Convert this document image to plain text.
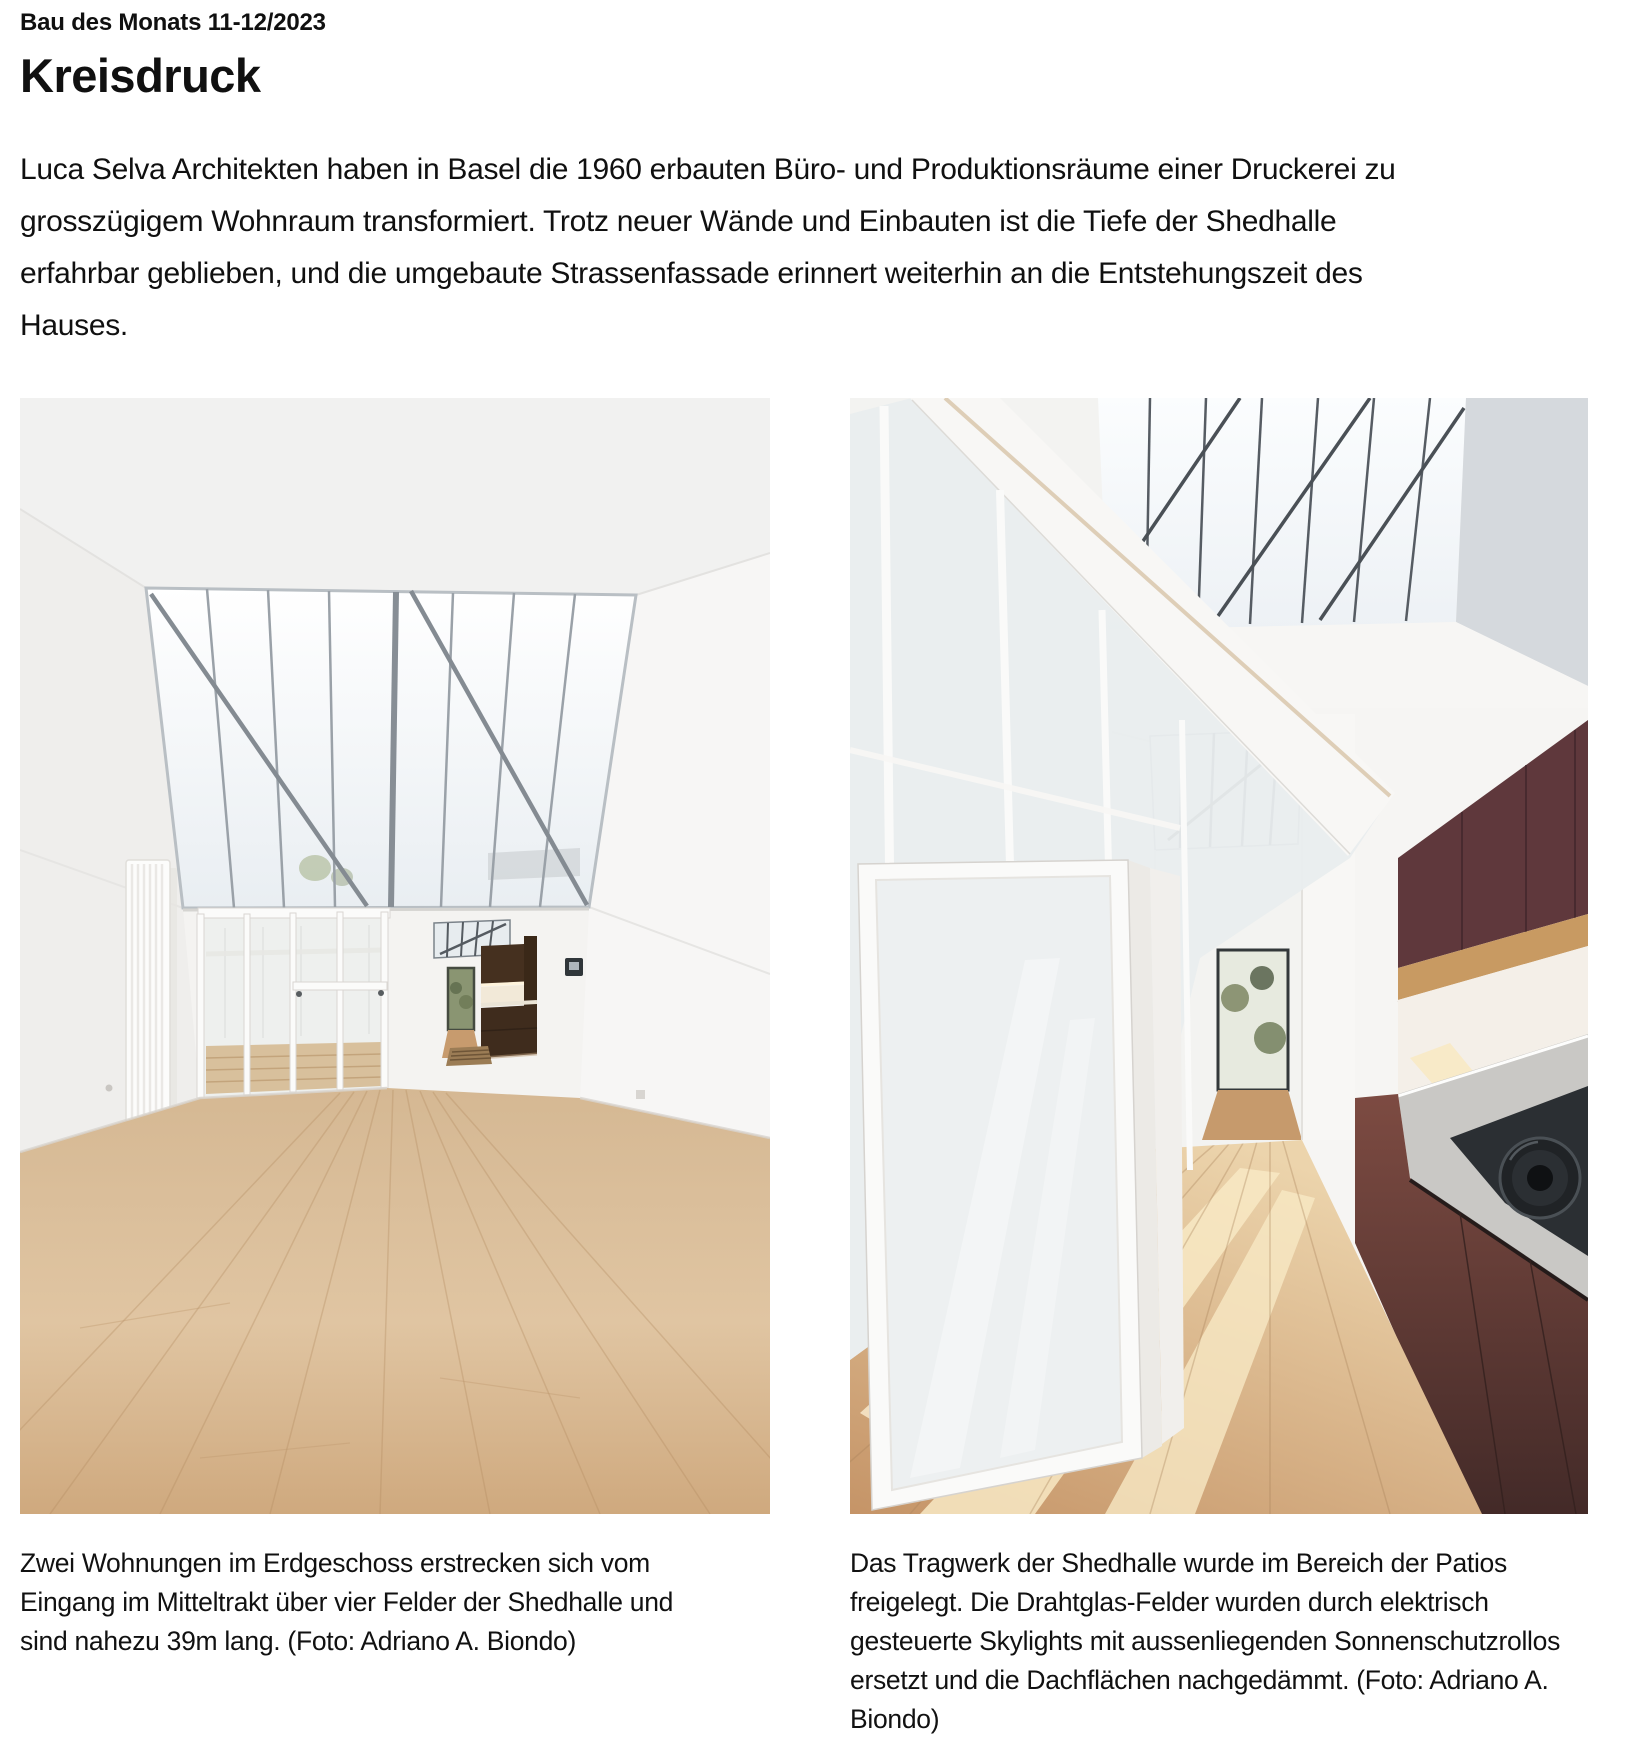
Bau des Monats 11-12/2023
Kreisdruck

Luca Selva Architekten haben in Basel die 1960 erbauten Büro- und Produktionsräume einer Druckerei zu grosszügigem Wohnraum transformiert. Trotz neuer Wände und Einbauten ist die Tiefe der Shedhalle erfahrbar geblieben, und die umgebaute Strassenfassade erinnert weiterhin an die Entstehungszeit des Hauses.

Zwei Wohnungen im Erdgeschoss erstrecken sich vom Eingang im Mitteltrakt über vier Felder der Shedhalle und sind nahezu 39m lang. (Foto: Adriano A. Biondo)
Das Tragwerk der Shedhalle wurde im Bereich der Patios freigelegt. Die Drahtglas-Felder wurden durch elektrisch gesteuerte Skylights mit aussenliegenden Sonnenschutzrollos ersetzt und die Dachflächen nachgedämmt. (Foto: Adriano A. Biondo)
